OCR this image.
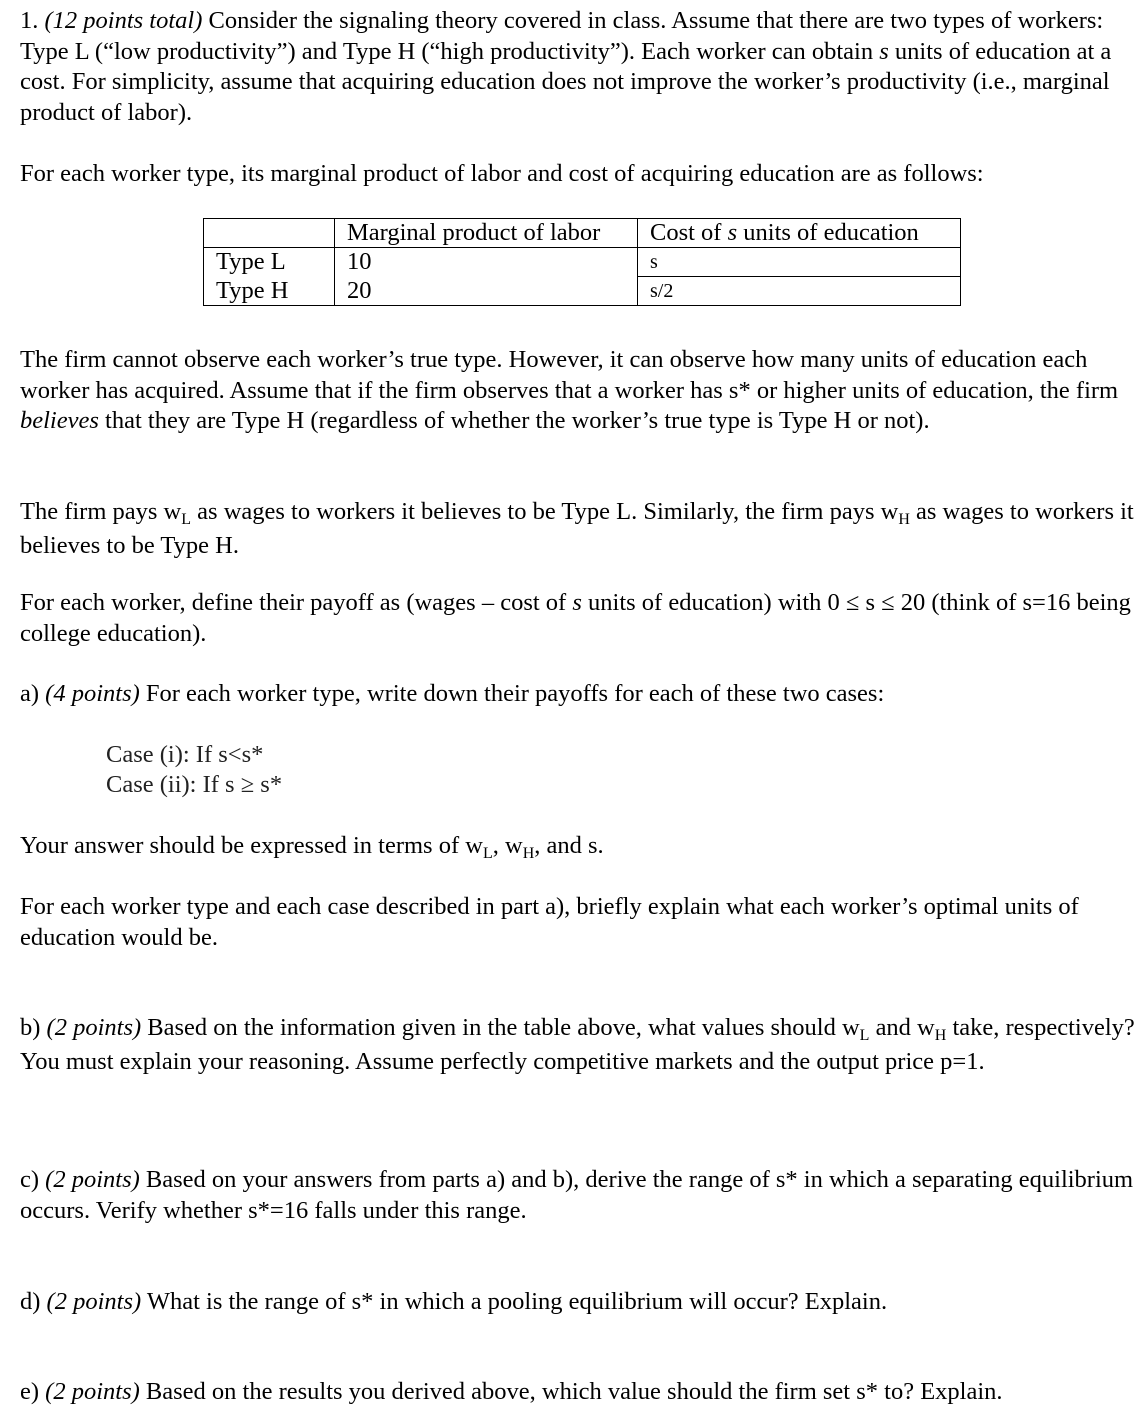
1. (12 points total) Consider the signaling theory covered in class. Assume that there are two types of workers: Type L (“low productivity”) and Type H (“high productivity”). Each worker can obtain s units of education at a cost. For simplicity, assume that acquiring education does not improve the worker’s productivity (i.e., marginal product of labor).

For each worker type, its marginal product of labor and cost of acquiring education are as follows:

	Marginal product of labor	Cost of s units of education
Type L	10	s
Type H	20	s/2

The firm cannot observe each worker’s true type. However, it can observe how many units of education each worker has acquired. Assume that if the firm observes that a worker has s* or higher units of education, the firm believes that they are Type H (regardless of whether the worker’s true type is Type H or not).

The firm pays $w_L$ as wages to workers it believes to be Type L. Similarly, the firm pays $w_H$ as wages to workers it believes to be Type H.

For each worker, define their payoff as (wages – cost of s units of education) with 0 ≤ s ≤ 20 (think of s=16 being college education).

a) (4 points) For each worker type, write down their payoffs for each of these two cases:

Case (i): If s<s*
Case (ii): If s ≥ s*

Your answer should be expressed in terms of $w_L$, $w_H$, and s.

For each worker type and each case described in part a), briefly explain what each worker’s optimal units of education would be.

b) (2 points) Based on the information given in the table above, what values should $w_L$ and $w_H$ take, respectively? You must explain your reasoning. Assume perfectly competitive markets and the output price p=1.

c) (2 points) Based on your answers from parts a) and b), derive the range of s* in which a separating equilibrium occurs. Verify whether s*=16 falls under this range.

d) (2 points) What is the range of s* in which a pooling equilibrium will occur? Explain.

e) (2 points) Based on the results you derived above, which value should the firm set s* to? Explain.
